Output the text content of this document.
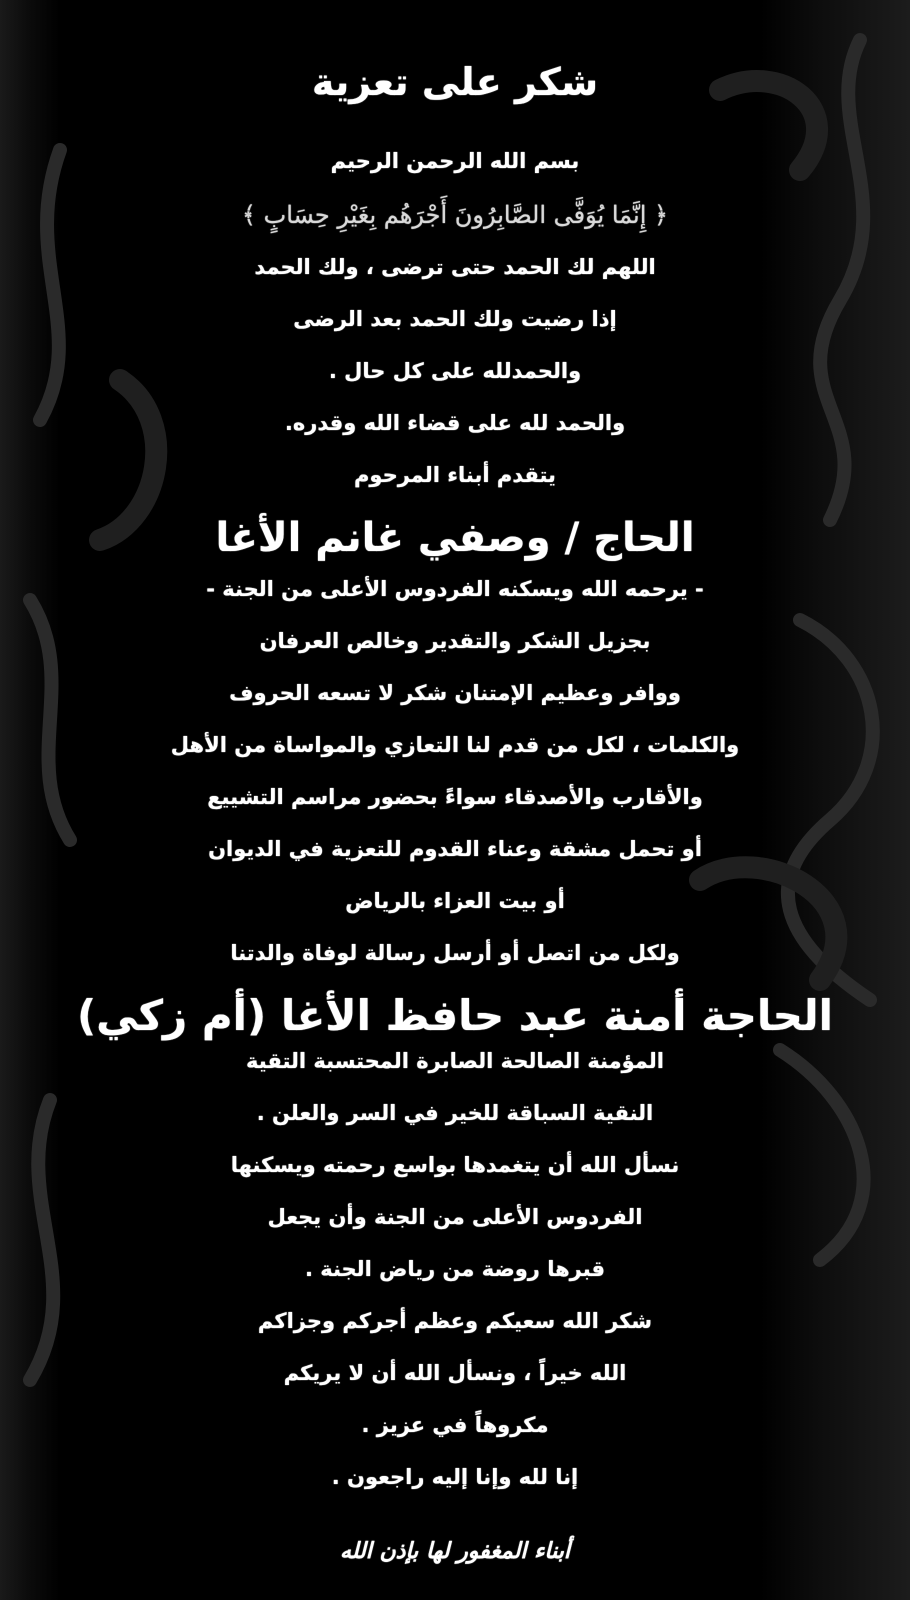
شكر على تعزية
بسم الله الرحمن الرحيم
﴿ إِنَّمَا يُوَفَّى الصَّابِرُونَ أَجْرَهُم بِغَيْرِ حِسَابٍ ﴾
اللهم لك الحمد حتى ترضى ، ولك الحمد
إذا رضيت ولك الحمد بعد الرضى
والحمدلله على كل حال .
والحمد لله على قضاء الله وقدره.
يتقدم أبناء المرحوم
الحاج / وصفي غانم الأغا
- يرحمه الله ويسكنه الفردوس الأعلى من الجنة -
بجزيل الشكر والتقدير وخالص العرفان
ووافر وعظيم الإمتنان شكر لا تسعه الحروف
والكلمات ، لكل من قدم لنا التعازي والمواساة من الأهل
والأقارب والأصدقاء سواءً بحضور مراسم التشييع
أو تحمل مشقة وعناء القدوم للتعزية في الديوان
أو بيت العزاء بالرياض
ولكل من اتصل أو أرسل رسالة لوفاة والدتنا
الحاجة أمنة عبد حافظ الأغا (أم زكي)
المؤمنة الصالحة الصابرة المحتسبة التقية
النقية السباقة للخير في السر والعلن .
نسأل الله أن يتغمدها بواسع رحمته ويسكنها
الفردوس الأعلى من الجنة وأن يجعل
قبرها روضة من رياض الجنة .
شكر الله سعيكم وعظم أجركم وجزاكم
الله خيراً ، ونسأل الله أن لا يريكم
مكروهاً في عزيز .
إنا لله وإنا إليه راجعون .
أبناء المغفور لها بإذن الله
